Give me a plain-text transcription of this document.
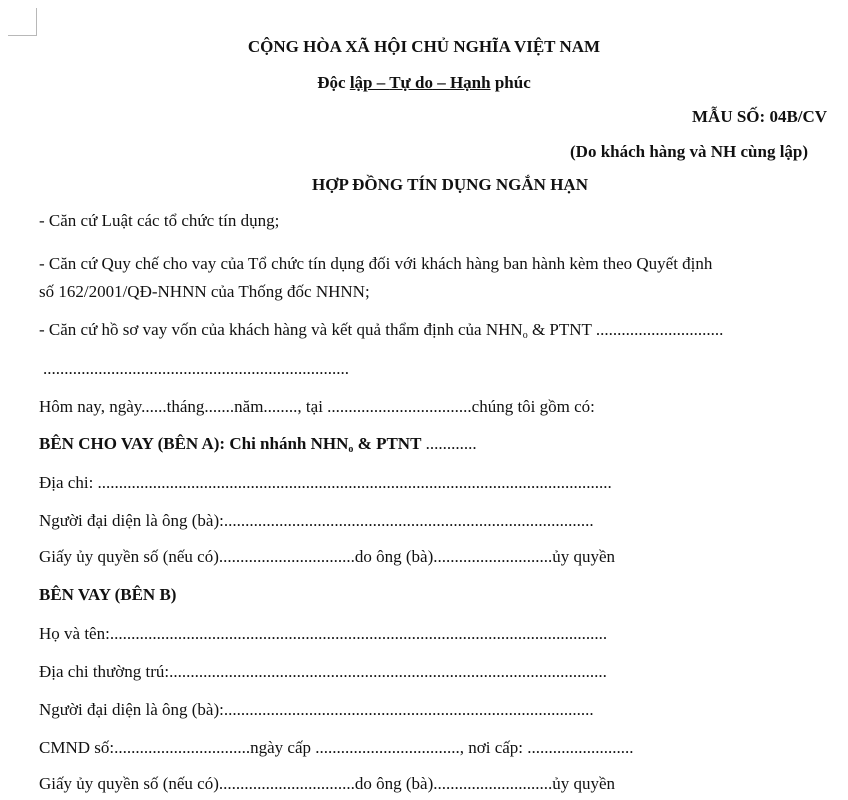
CỘNG HÒA XÃ HỘI CHỦ NGHĨA VIỆT NAM
Độc lập – Tự do – Hạnh phúc
MẪU SỐ: 04B/CV
(Do khách hàng và NH cùng lập)
HỢP ĐỒNG TÍN DỤNG NGẮN HẠN
- Căn cứ Luật các tổ chức tín dụng;
- Căn cứ Quy chế cho vay của Tổ chức tín dụng đối với khách hàng ban hành kèm theo Quyết định
số 162/2001/QĐ-NHNN của Thống đốc NHNN;
- Căn cứ hồ sơ vay vốn của khách hàng và kết quả thẩm định của $NHN_o$ & PTNT ..............................
........................................................................
Hôm nay, ngày......tháng.......năm........, tại ..................................chúng tôi gồm có:
BÊN CHO VAY (BÊN A): Chi nhánh $NHN_o$ & PTNT ............
Địa chi: .........................................................................................................................
Người đại diện là ông (bà):.......................................................................................
Giấy ủy quyền số (nếu có)................................do ông (bà)............................ủy quyền
BÊN VAY (BÊN B)
Họ và tên:.....................................................................................................................
Địa chi thường trú:.......................................................................................................
Người đại diện là ông (bà):.......................................................................................
CMND số:................................ngày cấp .................................., nơi cấp: .........................
Giấy ủy quyền số (nếu có)................................do ông (bà)............................ủy quyền
